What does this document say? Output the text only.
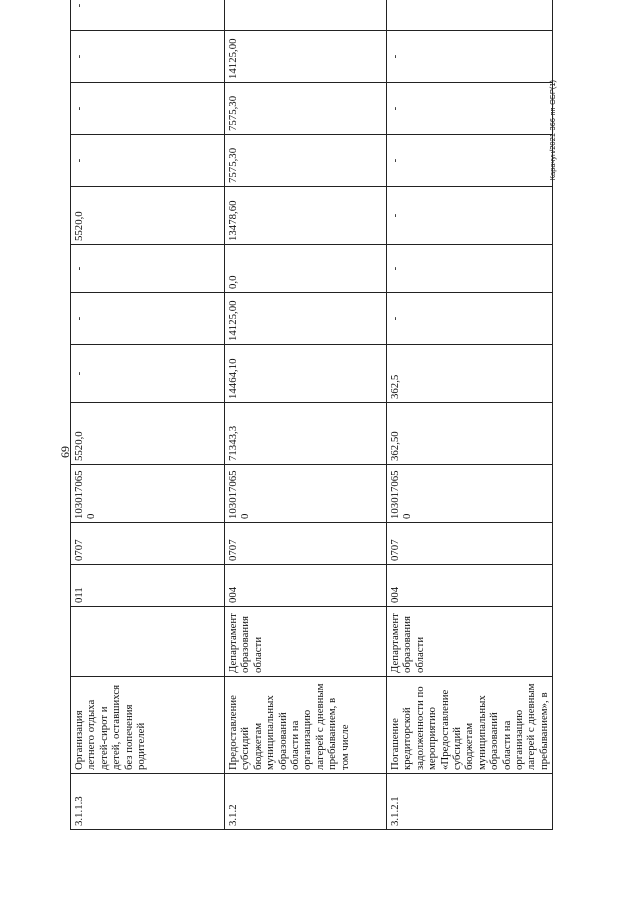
69
Карачун/2021-366-пп-ОБР(1)
3.1.1.3	Организация летнего отдыха детей-сирот и детей, оставшихся без попечения родителей		011	0707	1030170650	5520,0	-	-	-	5520,0	-	-	-	-
3.1.2	Предоставление субсидий бюджетам муниципальных образований области на организацию лагерей с дневным пребыванием, в том числе	Департамент образования области	004	0707	1030170650	71343,3	14464,10	14125,00	0,0	13478,60	7575,30	7575,30	14125,00	
3.1.2.1	Погашение кредиторской задолженности по мероприятию «Предоставление субсидий бюджетам муниципальных образований области на организацию лагерей с дневным пребыванием», в	Департамент образования области	004	0707	1030170650	362,50	362,5	-	-	-	-	-	-	
